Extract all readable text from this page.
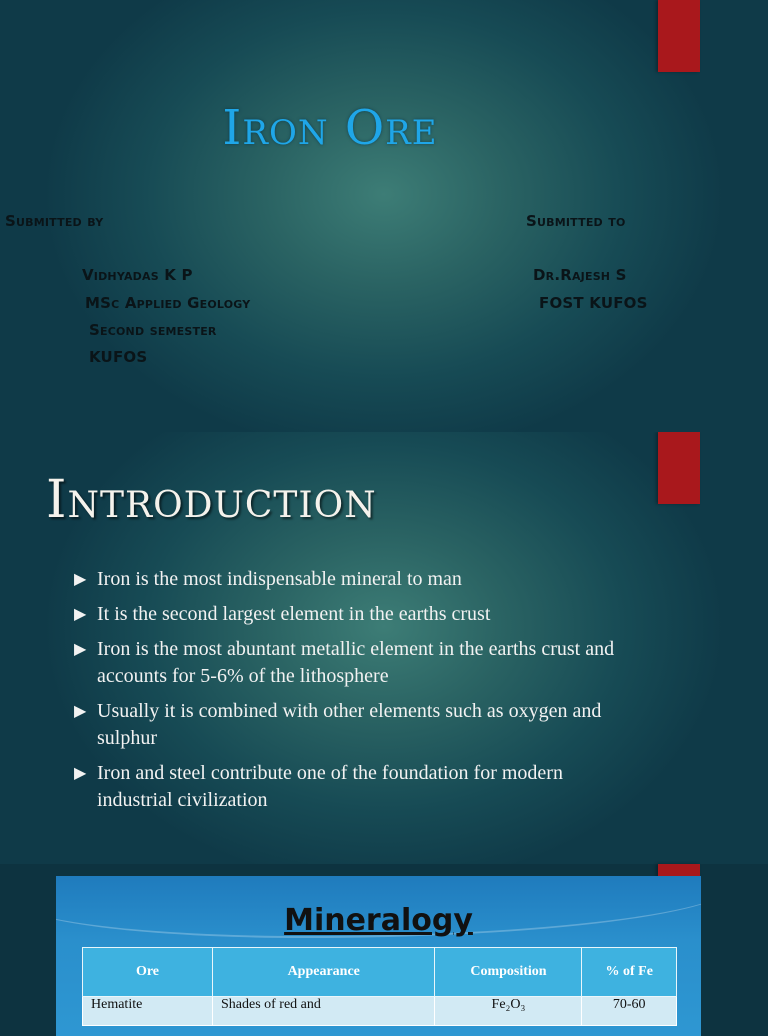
Iron Ore
Submitted by	Submitted to
Vidhyadas K P
MSc Applied Geology
Second semester
KUFOS
Dr.Rajesh S
FOST KUFOS
Introduction
▶ Iron is the most indispensable mineral to man
▶ It is the second largest element in the earths crust
▶ Iron is the most abuntant metallic element in the earths crust and accounts for 5-6% of the lithosphere
▶ Usually it is combined with other elements such as oxygen and sulphur
▶ Iron and steel contribute one of the foundation for modern industrial civilization
Mineralogy
Ore	Appearance	Composition	% of Fe
Hematite	Shades of red and	Fe₂O₃	70-60
